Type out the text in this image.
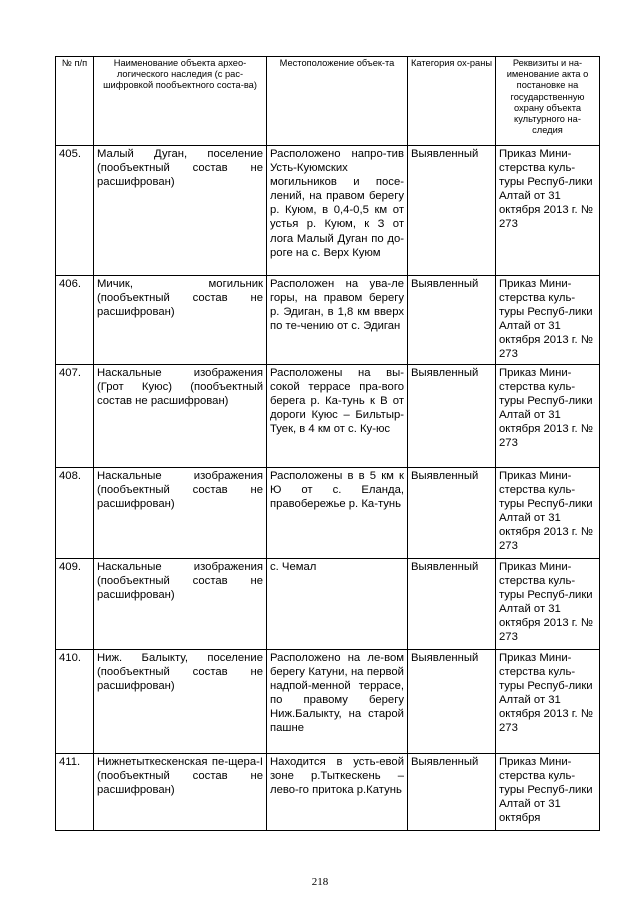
№ п/п	Наименование объекта архео-логического наследия (с рас-шифровкой пообъектного соста-ва)	Местоположение объек-та	Категория ох-раны	Реквизиты и на-именование акта о постановке на государственную охрану объекта культурного на-следия
405.	Малый Дуган, поселение (пообъектный состав не расшифрован)	Расположено напро-тив Усть-Куюмских могильников и посе-лений, на правом берегу р. Куюм, в 0,4-0,5 км от устья р. Куюм, к З от лога Малый Дуган по до-роге на с. Верх Куюм	Выявленный	Приказ Мини-стерства куль-туры Респуб-лики Алтай от 31 октября 2013 г. № 273
406.	Мичик, могильник (пообъектный состав не расшифрован)	Расположен на ува-ле горы, на правом берегу р. Эдиган, в 1,8 км вверх по те-чению от с. Эдиган	Выявленный	Приказ Мини-стерства куль-туры Респуб-лики Алтай от 31 октября 2013 г. № 273
407.	Наскальные изображения (Грот Куюс) (пообъектный состав не расшифрован)	Расположены на вы-сокой террасе пра-вого берега р. Ка-тунь к В от дороги Куюс – Бильтыр-Туек, в 4 км от с. Ку-юс	Выявленный	Приказ Мини-стерства куль-туры Респуб-лики Алтай от 31 октября 2013 г. № 273
408.	Наскальные изображения (пообъектный состав не расшифрован)	Расположены в в 5 км к Ю от с. Еланда, правобережье р. Ка-тунь	Выявленный	Приказ Мини-стерства куль-туры Респуб-лики Алтай от 31 октября 2013 г. № 273
409.	Наскальные изображения (пообъектный состав не расшифрован)	с. Чемал	Выявленный	Приказ Мини-стерства куль-туры Респуб-лики Алтай от 31 октября 2013 г. № 273
410.	Ниж. Балыкту, поселение (пообъектный состав не расшифрован)	Расположено на ле-вом берегу Катуни, на первой надпой-менной террасе, по правому берегу Ниж.Балыкту, на старой пашне	Выявленный	Приказ Мини-стерства куль-туры Респуб-лики Алтай от 31 октября 2013 г. № 273
411.	Нижнетыткескенская пе-щера-I (пообъектный состав не расшифрован)	Находится в усть-евой зоне р.Тыткескень – лево-го притока р.Катунь	Выявленный	Приказ Мини-стерства куль-туры Респуб-лики Алтай от 31 октября
218
